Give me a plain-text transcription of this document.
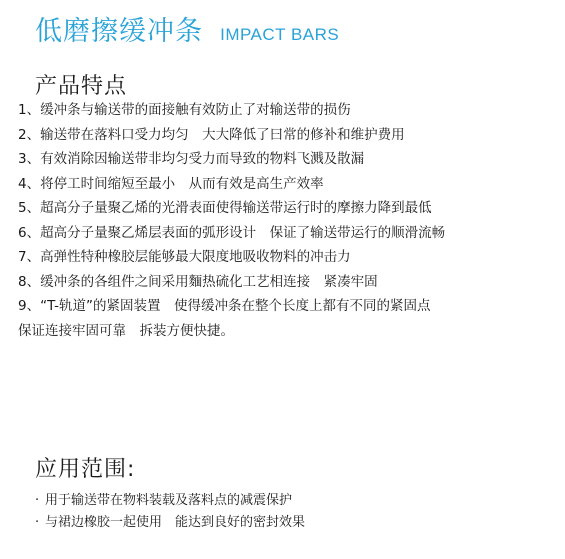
低磨擦缓冲条 IMPACT BARS
产品特点
1、缓冲条与输送带的面接触有效防止了对输送带的损伤
2、输送带在落料口受力均匀　大大降低了曰常的修补和维护费用
3、有效消除因输送带非均匀受力而导致的物料飞溅及散漏
4、将停工时间缩短至最小　从而有效是高生产效率
5、超高分子量聚乙烯的光滑表面使得输送带运行时的摩擦力降到最低
6、超高分子量聚乙烯层表面的弧形设计　保证了输送带运行的顺滑流畅
7、高弹性特种橡胶层能够最大限度地吸收物料的冲击力
8、缓冲条的各组件之间采用麵热硫化工艺相连接　紧凑牢固
9、“T-轨道”的紧固装置　使得缓冲条在整个长度上都有不同的紧固点
保证连接牢固可靠　拆装方便快捷。
应用范围:
· 用于输送带在物料装载及落料点的减震保护
· 与裙边橡胶一起使用　能达到良好的密封效果
